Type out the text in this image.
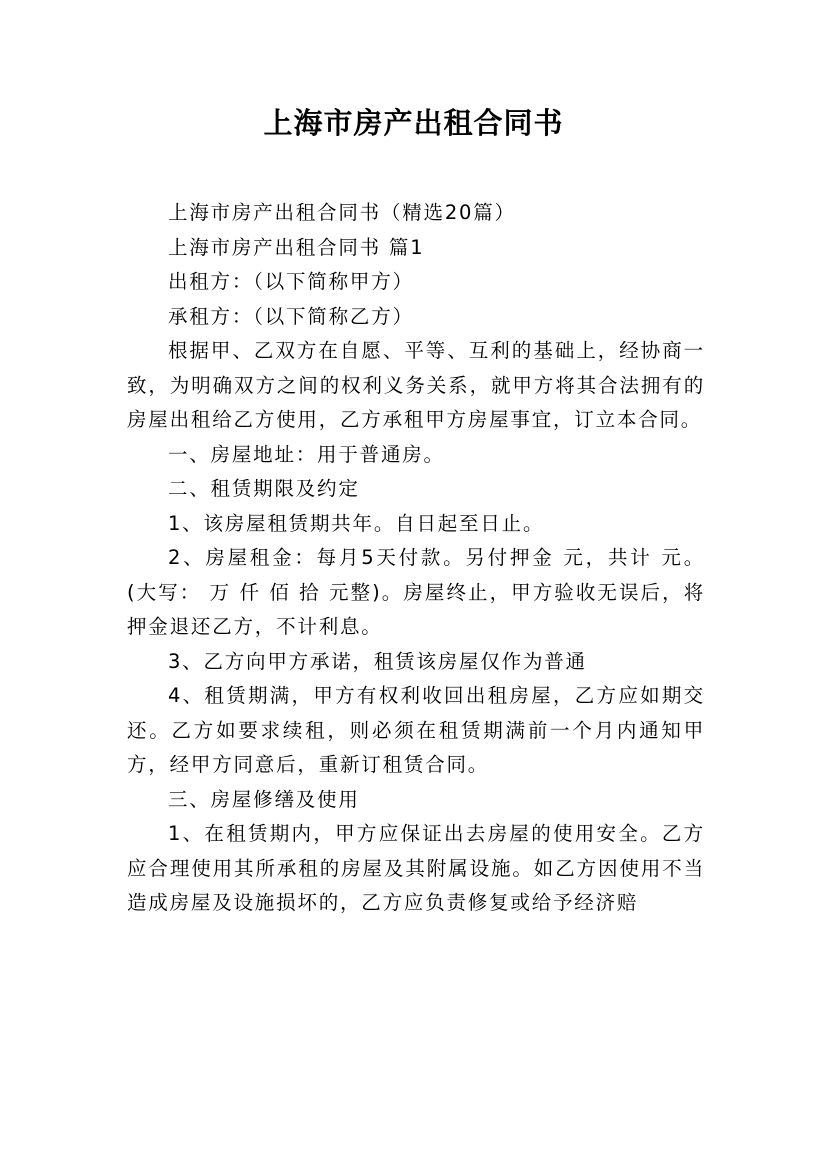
上海市房产出租合同书

上海市房产出租合同书（精选20篇）

上海市房产出租合同书 篇1

出租方：（以下简称甲方）

承租方：（以下简称乙方）

根据甲、乙双方在自愿、平等、互利的基础上，经协商一致，为明确双方之间的权利义务关系，就甲方将其合法拥有的房屋出租给乙方使用，乙方承租甲方房屋事宜，订立本合同。

一、房屋地址：用于普通房。

二、租赁期限及约定

1、该房屋租赁期共年。自日起至日止。

2、房屋租金：每月5天付款。另付押金 元，共计 元。(大写： 万 仟 佰 拾 元整)。房屋终止，甲方验收无误后，将押金退还乙方，不计利息。

3、乙方向甲方承诺，租赁该房屋仅作为普通

4、租赁期满，甲方有权利收回出租房屋，乙方应如期交还。乙方如要求续租，则必须在租赁期满前一个月内通知甲方，经甲方同意后，重新订租赁合同。

三、房屋修缮及使用

1、在租赁期内，甲方应保证出去房屋的使用安全。乙方应合理使用其所承租的房屋及其附属设施。如乙方因使用不当造成房屋及设施损坏的，乙方应负责修复或给予经济赔
